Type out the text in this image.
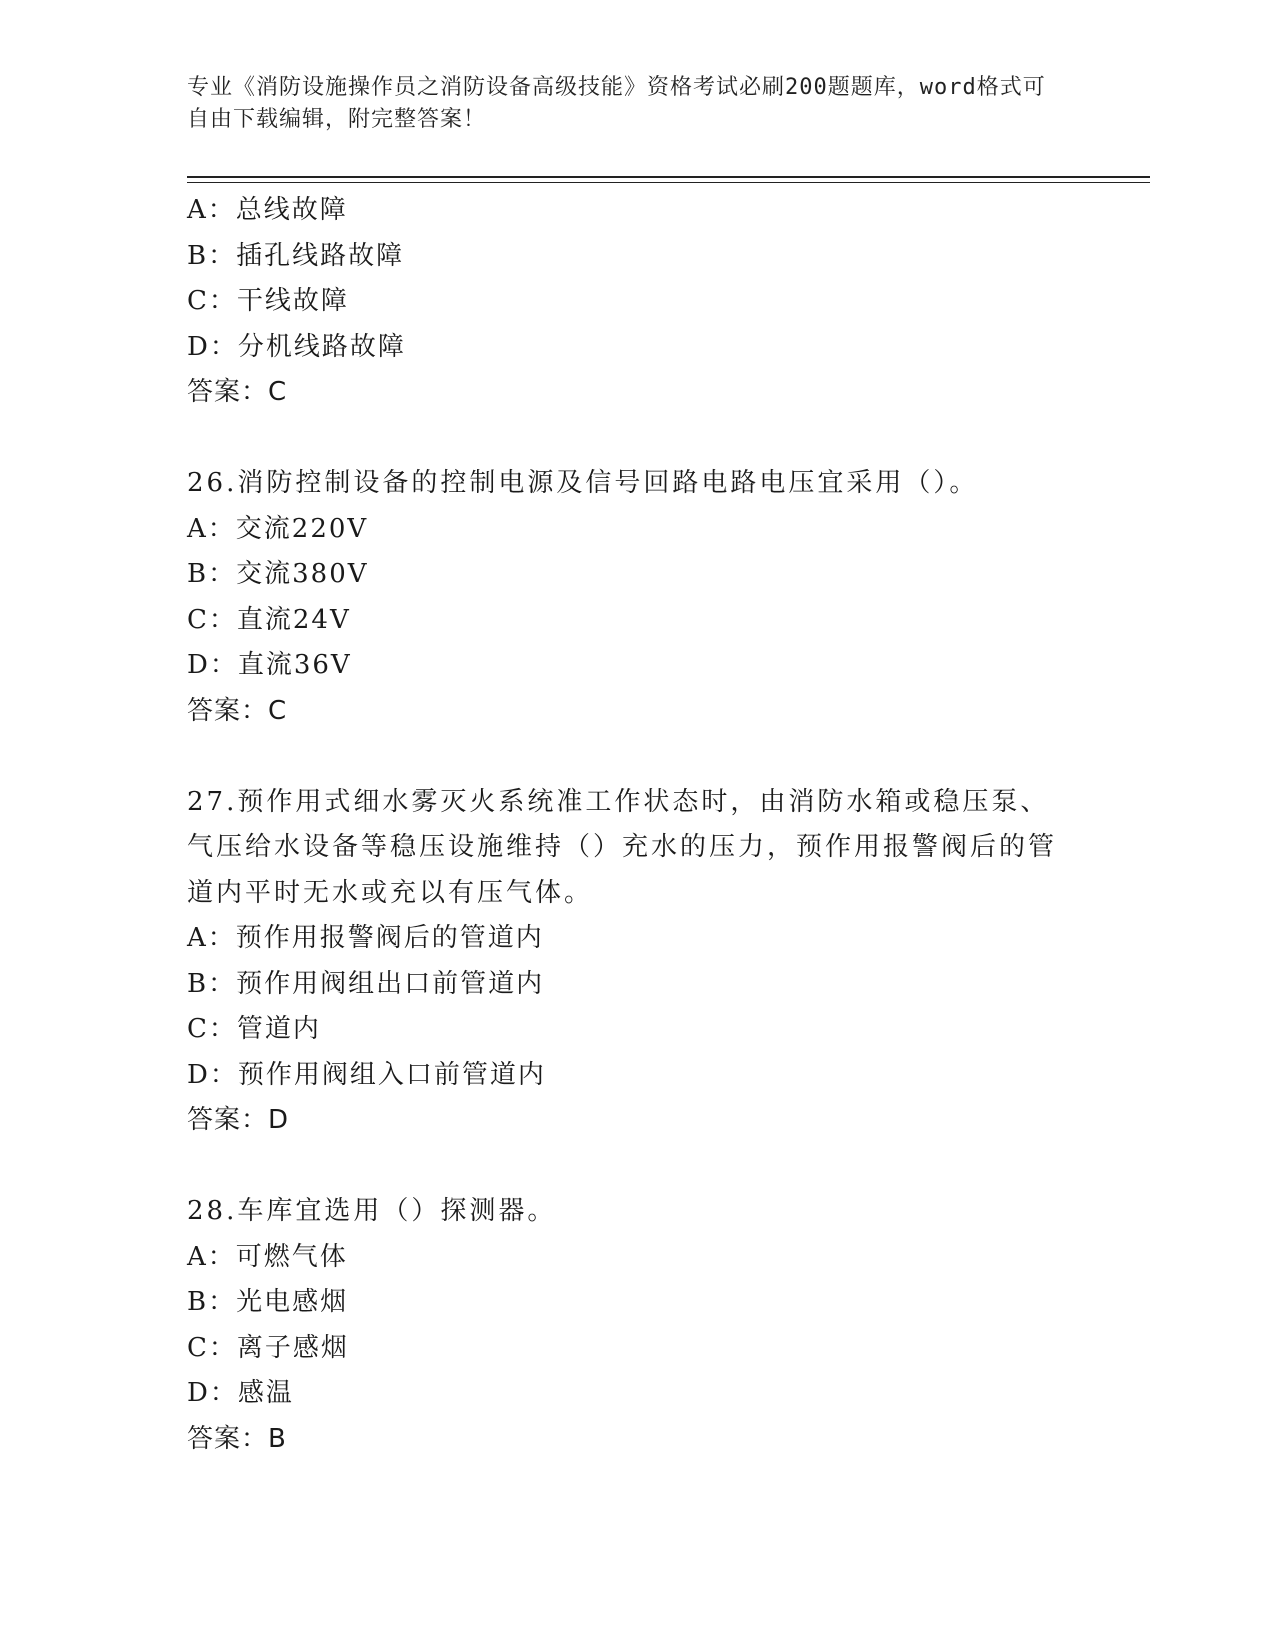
专业《消防设施操作员之消防设备高级技能》资格考试必刷200题题库，word格式可自由下载编辑，附完整答案！
A：总线故障
B：插孔线路故障
C：干线故障
D：分机线路故障
答案：C
26.消防控制设备的控制电源及信号回路电路电压宜采用（）。
A：交流220V
B：交流380V
C：直流24V
D：直流36V
答案：C
27.预作用式细水雾灭火系统准工作状态时，由消防水箱或稳压泵、气压给水设备等稳压设施维持（）充水的压力，预作用报警阀后的管道内平时无水或充以有压气体。
A：预作用报警阀后的管道内
B：预作用阀组出口前管道内
C：管道内
D：预作用阀组入口前管道内
答案：D
28.车库宜选用（）探测器。
A：可燃气体
B：光电感烟
C：离子感烟
D：感温
答案：B
